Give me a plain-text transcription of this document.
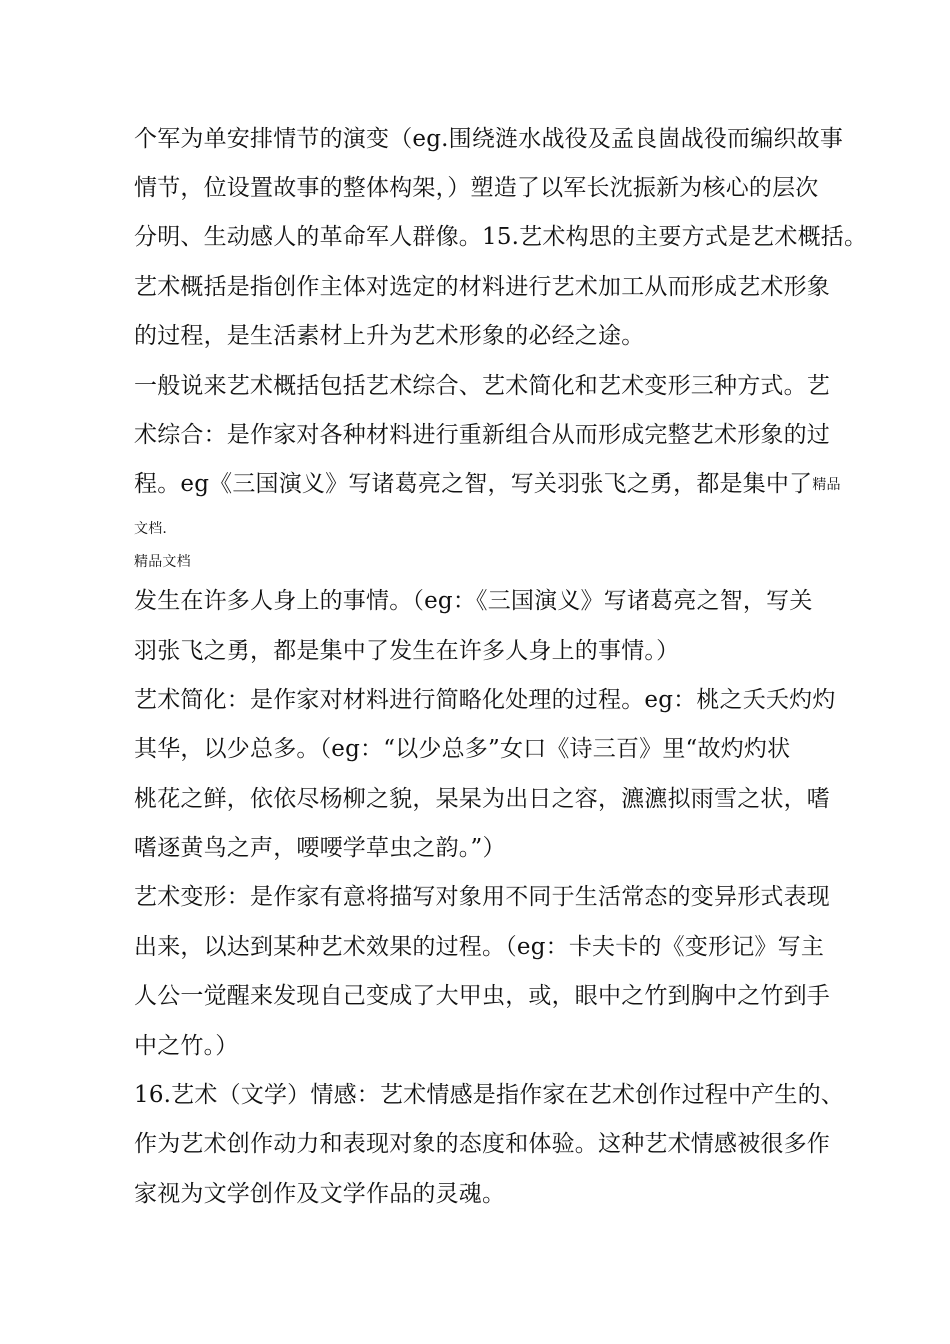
个军为单安排情节的演变（eg.围绕涟水战役及孟良崮战役而编织故事
情节，位设置故事的整体构架，）塑造了以军长沈振新为核心的层次
分明、生动感人的革命军人群像。15.艺术构思的主要方式是艺术概括。
艺术概括是指创作主体对选定的材料进行艺术加工从而形成艺术形象
的过程，是生活素材上升为艺术形象的必经之途。
一般说来艺术概括包括艺术综合、艺术简化和艺术变形三种方式。艺
术综合：是作家对各种材料进行重新组合从而形成完整艺术形象的过
程。eg《三国演义》写诸葛亮之智，写关羽张飞之勇，都是集中了精品
文档.
精品文档
发生在许多人身上的事情。（eg：《三国演义》写诸葛亮之智，写关
羽张飞之勇，都是集中了发生在许多人身上的事情。）
艺术简化：是作家对材料进行简略化处理的过程。eg：桃之夭夭灼灼
其华，以少总多。（eg：“以少总多”女口《诗三百》里“故灼灼状
桃花之鲜，依依尽杨柳之貌，杲杲为出日之容，瀌瀌拟雨雪之状，嗜
嗜逐黄鸟之声，喓喓学草虫之韵。”）
艺术变形：是作家有意将描写对象用不同于生活常态的变异形式表现
出来，以达到某种艺术效果的过程。（eg：卡夫卡的《变形记》写主
人公一觉醒来发现自己变成了大甲虫，或，眼中之竹到胸中之竹到手
中之竹。）
16.艺术（文学）情感：艺术情感是指作家在艺术创作过程中产生的、
作为艺术创作动力和表现对象的态度和体验。这种艺术情感被很多作
家视为文学创作及文学作品的灵魂。
